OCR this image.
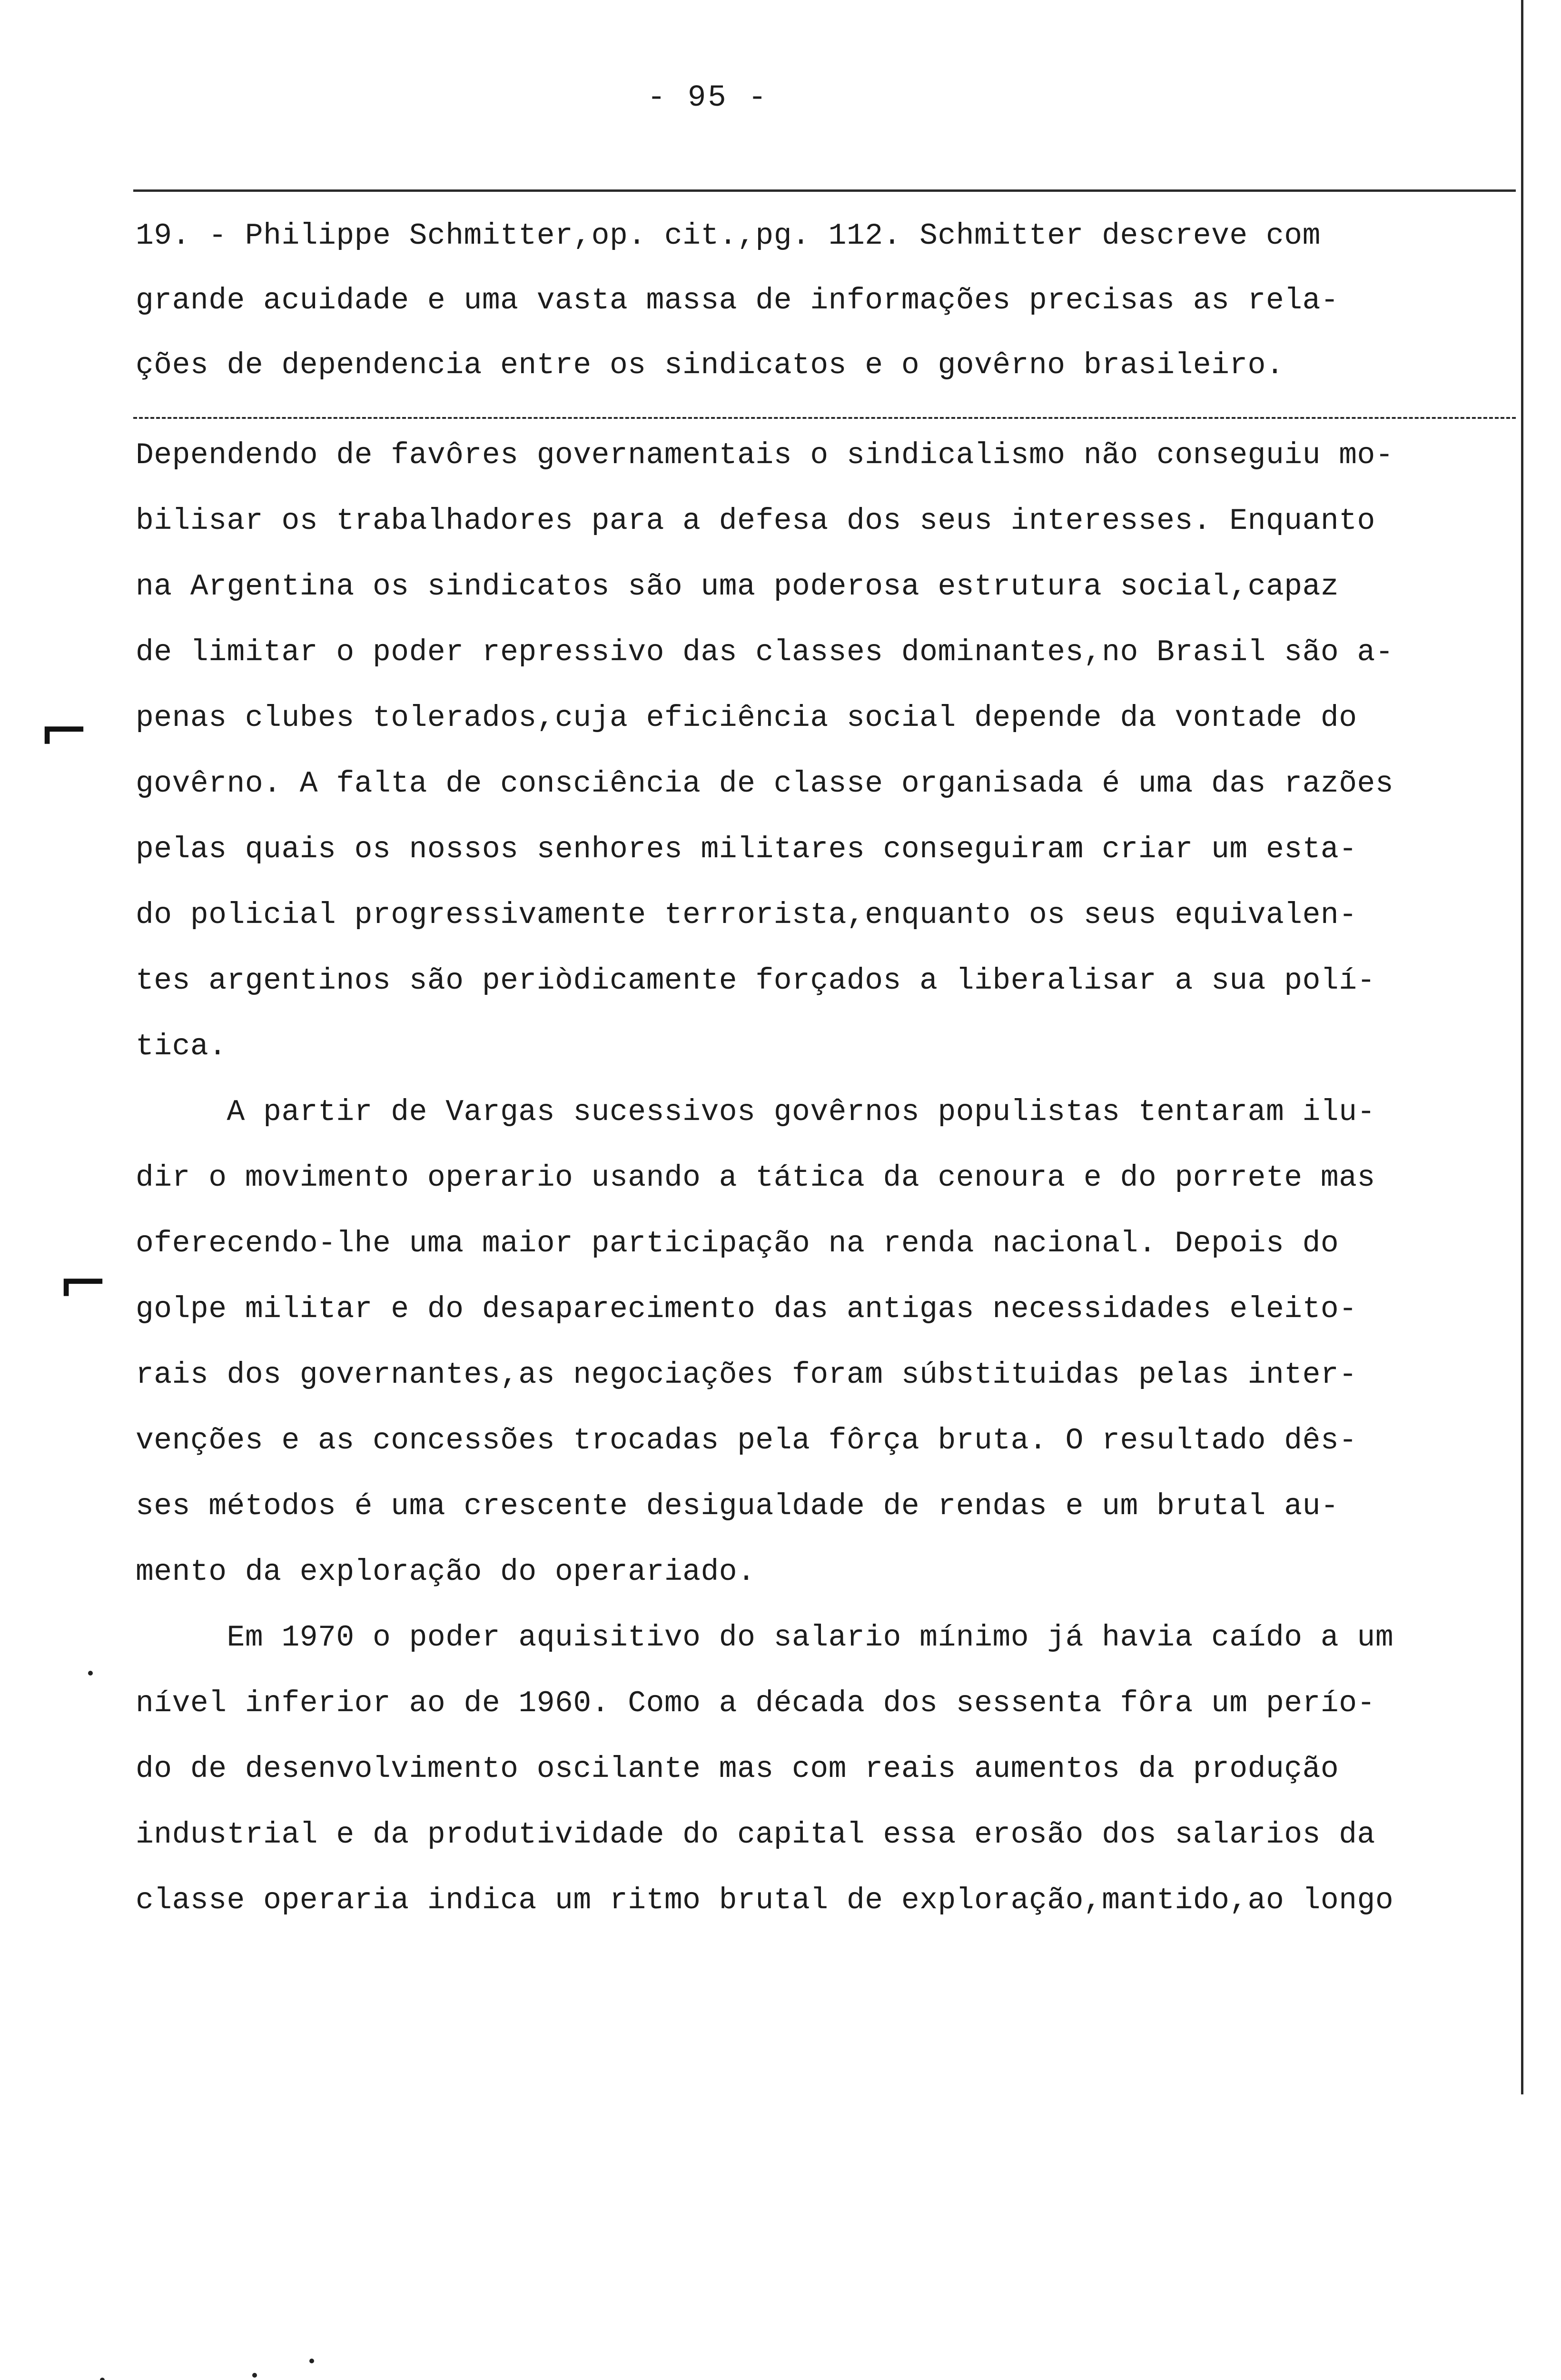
- 95 -
19. - Philippe Schmitter,op. cit.,pg. 112. Schmitter descreve com
grande acuidade e uma vasta massa de informações precisas as rela-
ções de dependencia entre os sindicatos e o govêrno brasileiro.
Dependendo de favôres governamentais o sindicalismo não conseguiu mo-
bilisar os trabalhadores para a defesa dos seus interesses. Enquanto
na Argentina os sindicatos são uma poderosa estrutura social,capaz
de limitar o poder repressivo das classes dominantes,no Brasil são a-
penas clubes tolerados,cuja eficiência social depende da vontade do
govêrno. A falta de consciência de classe organisada é uma das razões
pelas quais os nossos senhores militares conseguiram criar um esta-
do policial progressivamente terrorista,enquanto os seus equivalen-
tes argentinos são periòdicamente forçados a liberalisar a sua polí-
tica.
A partir de Vargas sucessivos govêrnos populistas tentaram ilu-
dir o movimento operario usando a tática da cenoura e do porrete mas
oferecendo-lhe uma maior participação na renda nacional. Depois do
golpe militar e do desaparecimento das antigas necessidades eleito-
rais dos governantes,as negociações foram súbstituidas pelas inter-
venções e as concessões trocadas pela fôrça bruta. O resultado dês-
ses métodos é uma crescente desigualdade de rendas e um brutal au-
mento da exploração do operariado.
Em 1970 o poder aquisitivo do salario mínimo já havia caído a um
nível inferior ao de 1960. Como a década dos sessenta fôra um perío-
do de desenvolvimento oscilante mas com reais aumentos da produção
industrial e da produtividade do capital essa erosão dos salarios da
classe operaria indica um ritmo brutal de exploração,mantido,ao longo
⌐
⌐
